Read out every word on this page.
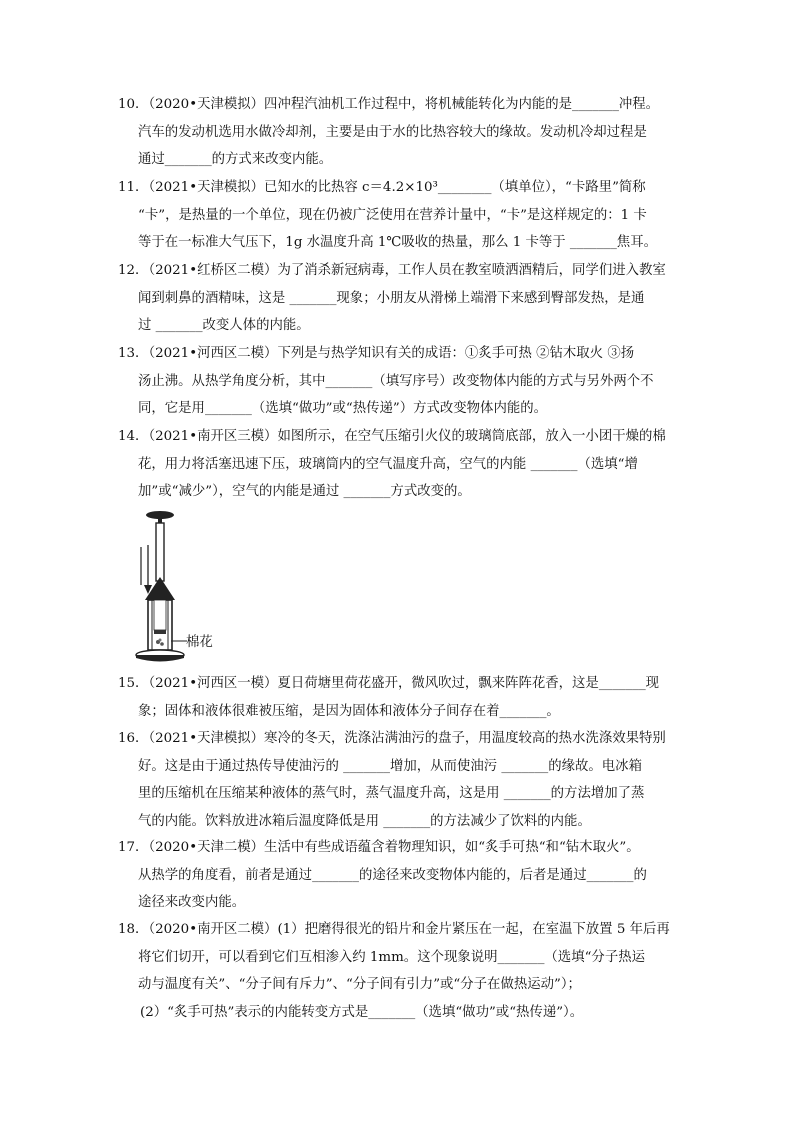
10．（2020•天津模拟）四冲程汽油机工作过程中，将机械能转化为内能的是_______冲程。
汽车的发动机选用水做冷却剂，主要是由于水的比热容较大的缘故。发动机冷却过程是
通过_______的方式来改变内能。
11．（2021•天津模拟）已知水的比热容 c＝4.2×10³________（填单位），“卡路里”简称
“卡”，是热量的一个单位，现在仍被广泛使用在营养计量中，“卡”是这样规定的：1 卡
等于在一标准大气压下，1g 水温度升高 1℃吸收的热量，那么 1 卡等于 _______焦耳。
12．（2021•红桥区二模）为了消杀新冠病毒，工作人员在教室喷洒酒精后，同学们进入教室
闻到刺鼻的酒精味，这是 _______现象；小朋友从滑梯上端滑下来感到臀部发热，是通
过 _______改变人体的内能。
13．（2021•河西区二模）下列是与热学知识有关的成语：①炙手可热 ②钻木取火 ③扬
汤止沸。从热学角度分析，其中_______（填写序号）改变物体内能的方式与另外两个不
同，它是用_______（选填“做功”或“热传递”）方式改变物体内能的。
14．（2021•南开区三模）如图所示，在空气压缩引火仪的玻璃筒底部，放入一小团干燥的棉
花，用力将活塞迅速下压，玻璃筒内的空气温度升高，空气的内能 _______（选填“增
加”或“减少”），空气的内能是通过 _______方式改变的。
棉花
15．（2021•河西区一模）夏日荷塘里荷花盛开，微风吹过，飘来阵阵花香，这是_______现
象；固体和液体很难被压缩，是因为固体和液体分子间存在着_______。
16．（2021•天津模拟）寒冷的冬天，洗涤沾满油污的盘子，用温度较高的热水洗涤效果特别
好。这是由于通过热传导使油污的 _______增加，从而使油污 _______的缘故。电冰箱
里的压缩机在压缩某种液体的蒸气时，蒸气温度升高，这是用 _______的方法增加了蒸
气的内能。饮料放进冰箱后温度降低是用 _______的方法减少了饮料的内能。
17．（2020•天津二模）生活中有些成语蕴含着物理知识，如“炙手可热“和“钻木取火”。
从热学的角度看，前者是通过_______的途径来改变物体内能的，后者是通过_______的
途径来改变内能。
18．（2020•南开区二模）(1）把磨得很光的铅片和金片紧压在一起，在室温下放置 5 年后再
将它们切开，可以看到它们互相渗入约 1mm。这个现象说明_______（选填“分子热运
动与温度有关”、“分子间有斥力”、“分子间有引力”或“分子在做热运动”）；
(2）“炙手可热”表示的内能转变方式是_______（选填“做功”或“热传递”）。
